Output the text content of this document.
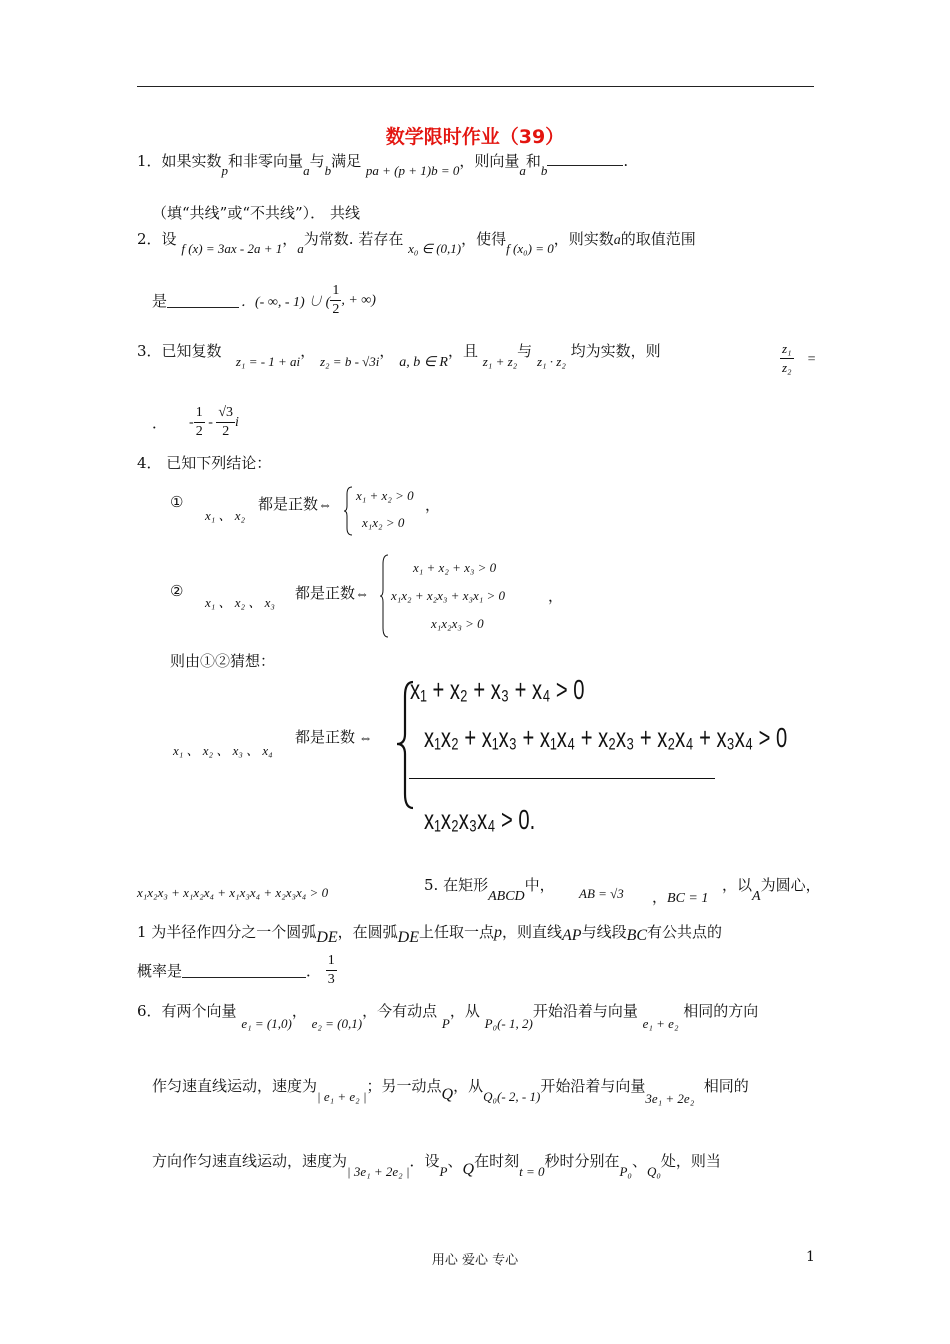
数学限时作业（39）
1．如果实数p和非零向量a与b满足 pa + (p + 1)b = 0，则向量a和b.
（填“共线”或“不共线”）． 共线
2．设 f (x) = 3ax - 2a + 1，a为常数. 若存在 x₀ ∈ (0,1)，使得f (x₀) = 0，则实数a的取值范围
是	．(- ∞, - 1) ∪ ( $\frac{1}{2}$ , + ∞)
3．已知复数   z₁ = - 1 + ai， z₂ = b - √3i， a, b ∈ R，且 z₁ + z₂与 z₁ · z₂ 均为实数，则	$\frac{\text{z₁}}{\text{z₂}}$ =
． - $\frac{1}{2} - \frac{√3}{2}$ i
4． 已知下列结论：
①
x₁ 、 x₂
都是正数⇔
x₁ + x₂ > 0
x₁x₂ > 0
，
②
x₁ 、 x₂ 、 x₃
都是正数⇔
x₁ + x₂ + x₃ > 0
x₁x₂ + x₂x₃ + x₃x₁ > 0
x₁x₂x₃ > 0
，
则由①②猜想：
x₁ 、 x₂ 、 x₃ 、 x₄
都是正数 ⇔
x₁ + x₂ + x₃ + x₄ > 0
x₁x₂ + x₁x₃ + x₁x₄ + x₂x₃ + x₂x₄ + x₃x₄ > 0
x₁x₂x₃x₄ > 0.
x₁x₂x₃ + x₁x₂x₄ + x₁x₃x₄ + x₂x₃x₄ > 0	5. 在矩形ABCD中， AB = √3 ，BC = 1
，以A为圆心，
1 为半径作四分之一个圆弧DE，在圆弧DE上任取一点p，则直线AP与线段BC有公共点的
概率是	． $\frac{1}{3}$
6．有两个向量 e₁ = (1,0)， e₂ = (0,1)，今有动点 P，从 P₀(- 1, 2)开始沿着与向量 e₁ + e₂ 相同的方向
作匀速直线运动，速度为| e₁ + e₂ |；另一动点Q，从Q₀(- 2, - 1)开始沿着与向量3e₁ + 2e₂  相同的
方向作匀速直线运动，速度为| 3e₁ + 2e₂ |．设P、Q在时刻t = 0秒时分别在P₀、Q₀处，则当
用心 爱心 专心	1
